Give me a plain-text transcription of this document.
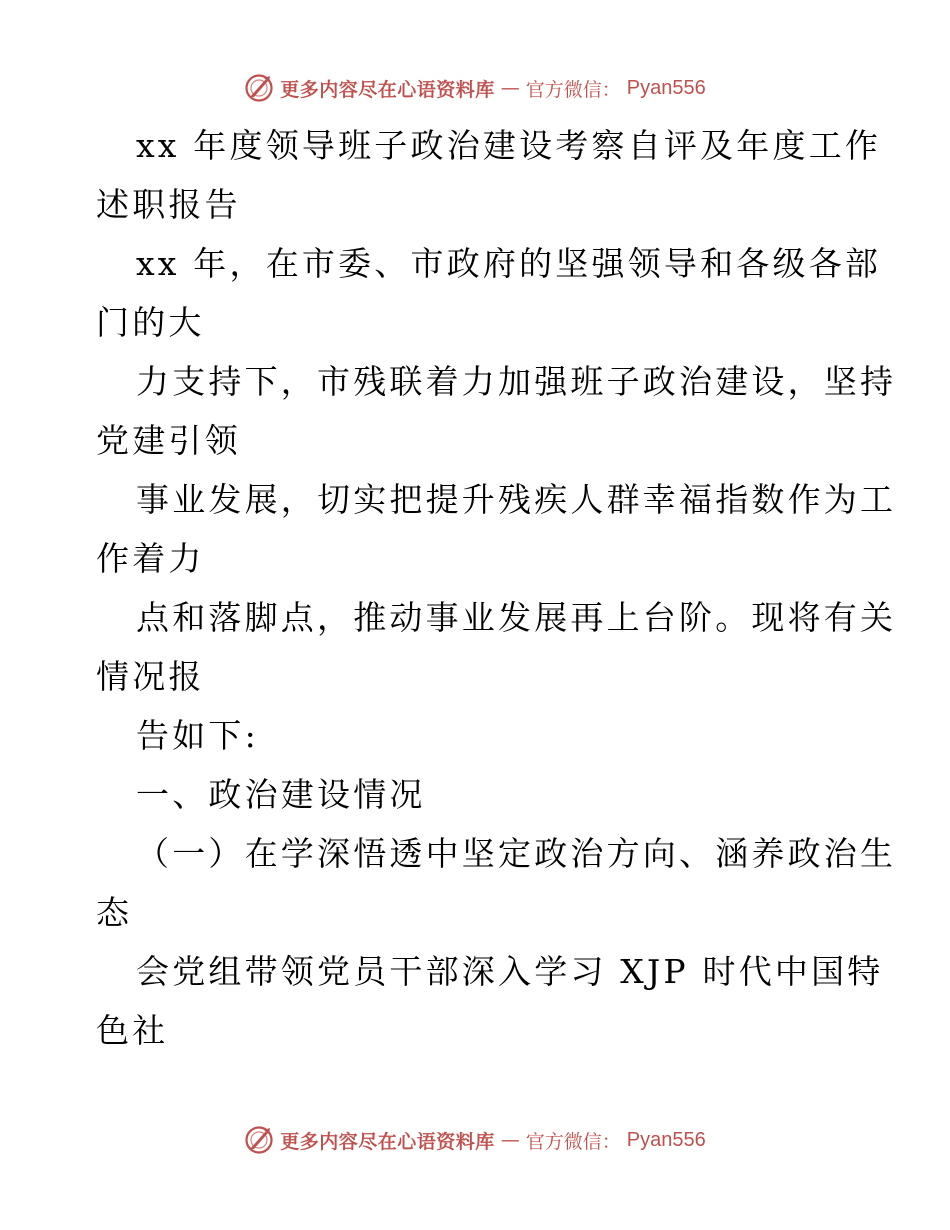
更多内容尽在心语资料库 — 官方微信： Pyan556
xx 年度领导班子政治建设考察自评及年度工作
述职报告
xx 年，在市委、市政府的坚强领导和各级各部
门的大
力支持下，市残联着力加强班子政治建设，坚持
党建引领
事业发展，切实把提升残疾人群幸福指数作为工
作着力
点和落脚点，推动事业发展再上台阶。现将有关
情况报
告如下:
一、政治建设情况
（一）在学深悟透中坚定政治方向、涵养政治生
态
会党组带领党员干部深入学习 XJP 时代中国特
色社
更多内容尽在心语资料库 — 官方微信： Pyan556
